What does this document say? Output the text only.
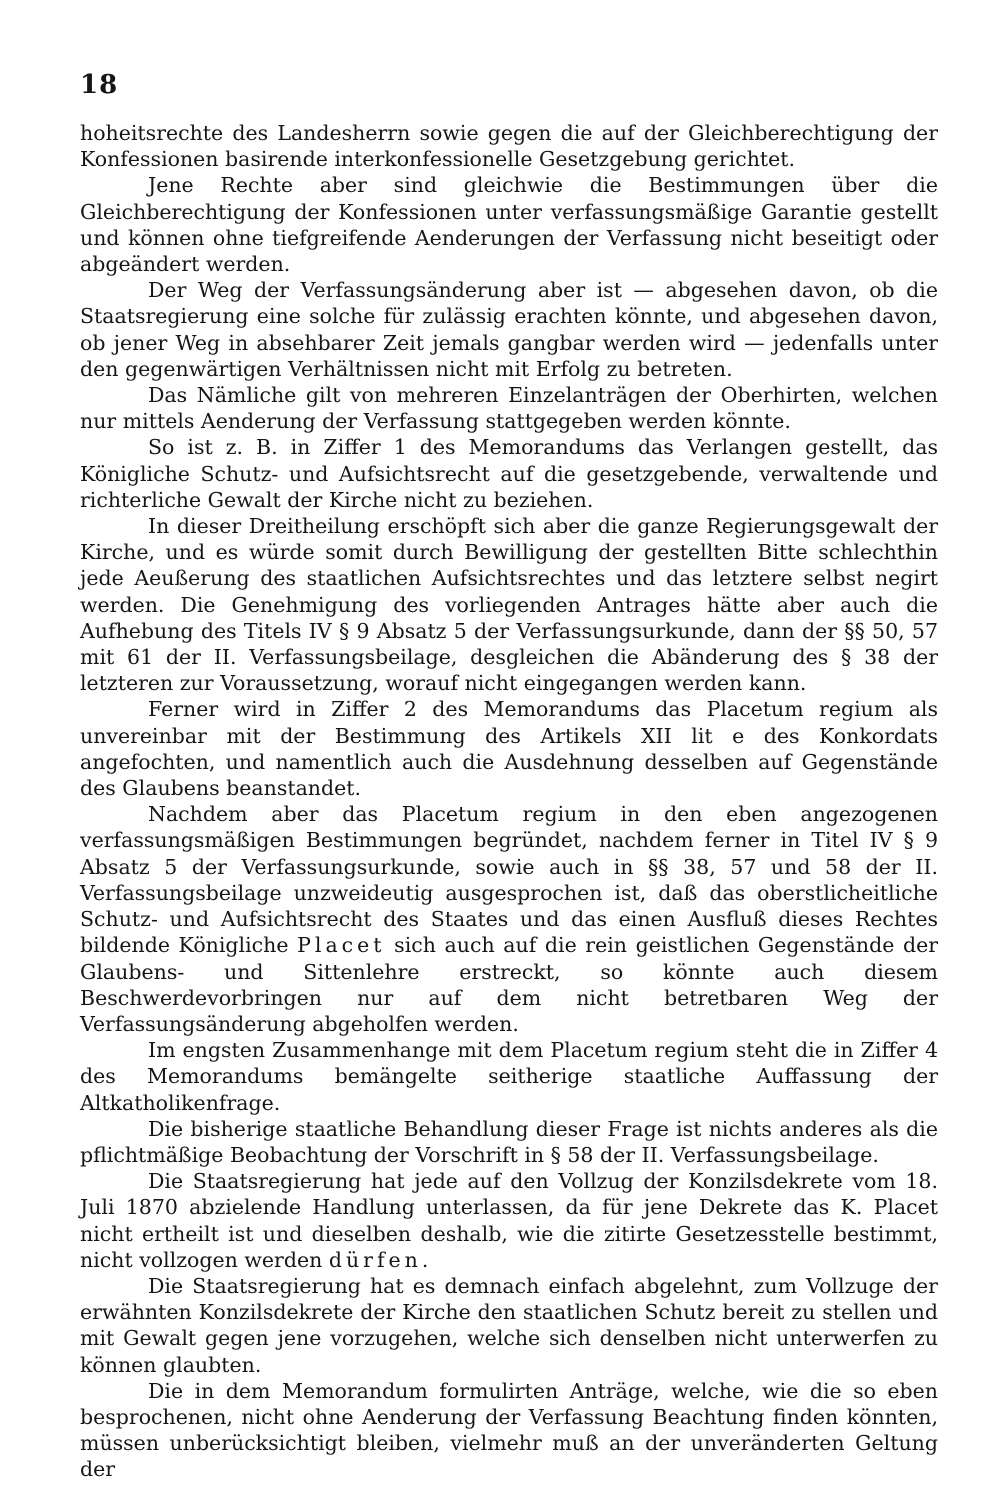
18

hoheitsrechte des Landesherrn sowie gegen die auf der Gleichberechtigung der Konfessionen basirende interkonfessionelle Gesetzgebung gerichtet.

Jene Rechte aber sind gleichwie die Bestimmungen über die Gleichberechtigung der Konfessionen unter verfassungsmäßige Garantie gestellt und können ohne tiefgreifende Aenderungen der Verfassung nicht beseitigt oder abgeändert werden.

Der Weg der Verfassungsänderung aber ist — abgesehen davon, ob die Staatsregierung eine solche für zulässig erachten könnte, und abgesehen davon, ob jener Weg in absehbarer Zeit jemals gangbar werden wird — jedenfalls unter den gegenwärtigen Verhältnissen nicht mit Erfolg zu betreten.

Das Nämliche gilt von mehreren Einzelanträgen der Oberhirten, welchen nur mittels Aenderung der Verfassung stattgegeben werden könnte.

So ist z. B. in Ziffer 1 des Memorandums das Verlangen gestellt, das Königliche Schutz- und Aufsichtsrecht auf die gesetzgebende, verwaltende und richterliche Gewalt der Kirche nicht zu beziehen.

In dieser Dreitheilung erschöpft sich aber die ganze Regierungsgewalt der Kirche, und es würde somit durch Bewilligung der gestellten Bitte schlechthin jede Aeußerung des staatlichen Aufsichtsrechtes und das letztere selbst negirt werden. Die Genehmigung des vorliegenden Antrages hätte aber auch die Aufhebung des Titels IV § 9 Absatz 5 der Verfassungsurkunde, dann der §§ 50, 57 mit 61 der II. Verfassungsbeilage, desgleichen die Abänderung des § 38 der letzteren zur Voraussetzung, worauf nicht eingegangen werden kann.

Ferner wird in Ziffer 2 des Memorandums das Placetum regium als unvereinbar mit der Bestimmung des Artikels XII lit e des Konkordats angefochten, und namentlich auch die Ausdehnung desselben auf Gegenstände des Glaubens beanstandet.

Nachdem aber das Placetum regium in den eben angezogenen verfassungsmäßigen Bestimmungen begründet, nachdem ferner in Titel IV § 9 Absatz 5 der Verfassungsurkunde, sowie auch in §§ 38, 57 und 58 der II. Verfassungsbeilage unzweideutig ausgesprochen ist, daß das oberstlicheitliche Schutz- und Aufsichtsrecht des Staates und das einen Ausfluß dieses Rechtes bildende Königliche Placet sich auch auf die rein geistlichen Gegenstände der Glaubens- und Sittenlehre erstreckt, so könnte auch diesem Beschwerdevorbringen nur auf dem nicht betretbaren Weg der Verfassungsänderung abgeholfen werden.

Im engsten Zusammenhange mit dem Placetum regium steht die in Ziffer 4 des Memorandums bemängelte seitherige staatliche Auffassung der Altkatholikenfrage.

Die bisherige staatliche Behandlung dieser Frage ist nichts anderes als die pflichtmäßige Beobachtung der Vorschrift in § 58 der II. Verfassungsbeilage.

Die Staatsregierung hat jede auf den Vollzug der Konzilsdekrete vom 18. Juli 1870 abzielende Handlung unterlassen, da für jene Dekrete das K. Placet nicht ertheilt ist und dieselben deshalb, wie die zitirte Gesetzesstelle bestimmt, nicht vollzogen werden dürfen.

Die Staatsregierung hat es demnach einfach abgelehnt, zum Vollzuge der erwähnten Konzilsdekrete der Kirche den staatlichen Schutz bereit zu stellen und mit Gewalt gegen jene vorzugehen, welche sich denselben nicht unterwerfen zu können glaubten.

Die in dem Memorandum formulirten Anträge, welche, wie die so eben besprochenen, nicht ohne Aenderung der Verfassung Beachtung finden könnten, müssen unberücksichtigt bleiben, vielmehr muß an der unveränderten Geltung der
